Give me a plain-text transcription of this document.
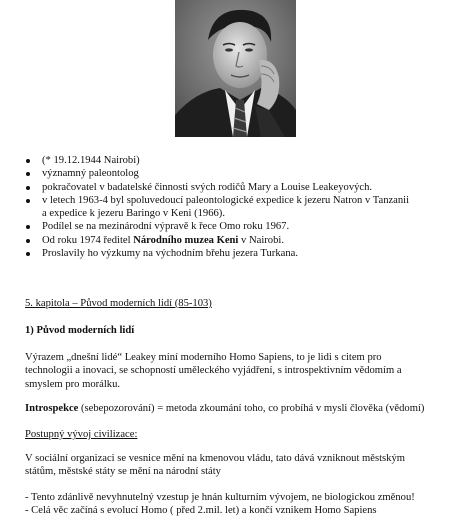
(* 19.12.1944 Nairobi)
významný paleontolog
pokračovatel v badatelské činnosti svých rodičů Mary a Louise Leakeyových.
v letech 1963-4 byl spoluvedoucí paleontologické expedice k jezeru Natron v Tanzanii
a expedice k jezeru Baringo v Keni (1966).
Podílel se na mezinárodní výpravě k řece Omo roku 1967.
Od roku 1974 ředitel Národního muzea Keni v Nairobi.
Proslavily ho výzkumy na východním břehu jezera Turkana.

5. kapitola – Původ moderních lidí (85-103)

1) Původ moderních lidí

Výrazem „dnešní lidé“ Leakey míní moderního Homo Sapiens, to je lidi s citem pro
technologii a inovaci, se schopností uměleckého vyjádření, s introspektivním vědomím a
smyslem pro morálku.

Introspekce (sebepozorování) = metoda zkoumání toho, co probíhá v mysli člověka (vědomí)

Postupný vývoj civilizace:

V sociální organizaci se vesnice mění na kmenovou vládu, tato dává vzniknout městským
státům, městské státy se mění na národní státy
- Tento zdánlivě nevyhnutelný vzestup je hnán kulturním vývojem, ne biologickou změnou!
- Celá věc začíná s evolucí Homo ( před 2.mil. let) a končí vznikem Homo Sapiens
